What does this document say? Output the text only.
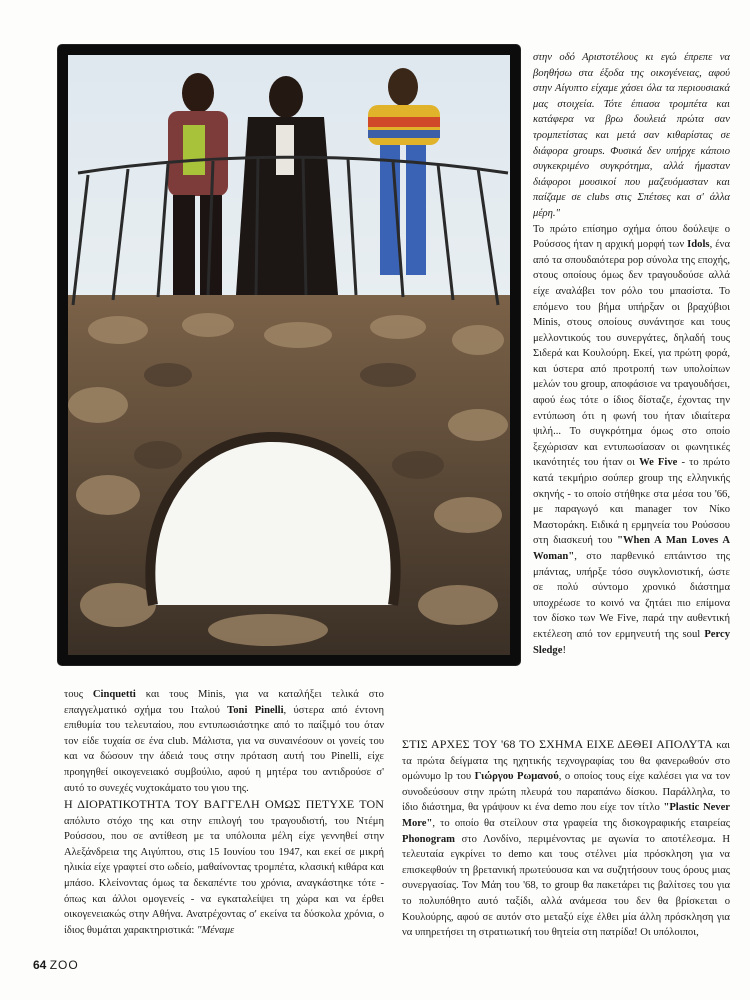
στην οδό Αριστοτέλους κι εγώ έπρεπε να βοηθήσω στα έξοδα της οικογένειας, αφού στην Αίγυπτο είχαμε χάσει όλα τα περιουσιακά μας στοιχεία. Τότε έπιασα τρομπέτα και κατάφερα να βρω δουλειά πρώτα σαν τρομπετίστας και μετά σαν κιθαρίστας σε διάφορα groups. Φυσικά δεν υπήρχε κάποιο συγκεκριμένο συγκρότημα, αλλά ήμασταν διάφοροι μουσικοί που μαζευόμασταν και παίζαμε σε clubs στις Σπέτσες και σ' άλλα μέρη."

Το πρώτο επίσημο σχήμα όπου δούλεψε ο Ρούσσος ήταν η αρχική μορφή των Idols, ένα από τα σπουδαιότερα pop σύνολα της εποχής, στους οποίους όμως δεν τραγουδούσε αλλά είχε αναλάβει τον ρόλο του μπασίστα. Το επόμενο του βήμα υπήρξαν οι βραχύβιοι Minis, στους οποίους συνάντησε και τους μελλοντικούς του συνεργάτες, δηλαδή τους Σιδερά και Κουλούρη. Εκεί, για πρώτη φορά, και ύστερα από προτροπή των υπολοίπων μελών του group, αποφάσισε να τραγουδήσει, αφού έως τότε ο ίδιος δίσταζε, έχοντας την εντύπωση ότι η φωνή του ήταν ιδιαίτερα ψιλή... Το συγκρότημα όμως στο οποίο ξεχώρισαν και εντυπωσίασαν οι φωνητικές ικανότητές του ήταν οι We Five - το πρώτο κατά τεκμήριο σούπερ group της ελληνικής σκηνής - το οποίο στήθηκε στα μέσα του '66, με παραγωγό και manager τον Νίκο Μαστοράκη. Ειδικά η ερμηνεία του Ρούσσου στη διασκευή του "When A Man Loves A Woman", στο παρθενικό επτάιντσο της μπάντας, υπήρξε τόσο συγκλονιστική, ώστε σε πολύ σύντομο χρονικό διάστημα υποχρέωσε το κοινό να ζητάει πιο επίμονα τον δίσκο των We Five, παρά την αυθεντική εκτέλεση από τον ερμηνευτή της soul Percy Sledge!

τους Cinquetti και τους Minis, για να καταλήξει τελικά στο επαγγελματικό σχήμα του Ιταλού Toni Pinelli, ύστερα από έντονη επιθυμία του τελευταίου, που εντυπωσιάστηκε από το παίξιμό του όταν τον είδε τυχαία σε ένα club. Μάλιστα, για να συναινέσουν οι γονείς του και να δώσουν την άδειά τους στην πρόταση αυτή του Pinelli, είχε προηγηθεί οικογενειακό συμβούλιο, αφού η μητέρα του αντιδρούσε σ' αυτό το συνεχές νυχτοκάματο του γιου της.

Η ΔΙΟΡΑΤΙΚΟΤΗΤΑ ΤΟΥ ΒΑΓΓΕΛΗ ΟΜΩΣ ΠΕΤΥΧΕ ΤΟΝ απόλυτο στόχο της και στην επιλογή του τραγουδιστή, του Ντέμη Ρούσσου, που σε αντίθεση με τα υπόλοιπα μέλη είχε γεννηθεί στην Αλεξάνδρεια της Αιγύπτου, στις 15 Ιουνίου του 1947, και εκεί σε μικρή ηλικία είχε γραφτεί στο ωδείο, μαθαίνοντας τρομπέτα, κλασική κιθάρα και μπάσο. Κλείνοντας όμως τα δεκαπέντε του χρόνια, αναγκάστηκε τότε - όπως και άλλοι ομογενείς - να εγκαταλείψει τη χώρα και να έρθει οικογενειακώς στην Αθήνα. Ανατρέχοντας σ' εκείνα τα δύσκολα χρόνια, ο ίδιος θυμάται χαρακτηριστικά: "Μέναμε

ΣΤΙΣ ΑΡΧΕΣ ΤΟΥ '68 ΤΟ ΣΧΗΜΑ ΕΙΧΕ ΔΕΘΕΙ ΑΠΟΛΥΤΑ και τα πρώτα δείγματα της ηχητικής τεχνογραφίας του θα φανερωθούν στο ομώνυμο lp του Γιώργου Ρωμανού, ο οποίος τους είχε καλέσει για να τον συνοδεύσουν στην πρώτη πλευρά του παραπάνω δίσκου. Παράλληλα, το ίδιο διάστημα, θα γράψουν κι ένα demo που είχε τον τίτλο "Plastic Never More", το οποίο θα στείλουν στα γραφεία της δισκογραφικής εταιρείας Phonogram στο Λονδίνο, περιμένοντας με αγωνία το αποτέλεσμα. Η τελευταία εγκρίνει το demo και τους στέλνει μία πρόσκληση για να επισκεφθούν τη βρετανική πρωτεύουσα και να συζητήσουν τους όρους μιας συνεργασίας. Τον Μάη του '68, το group θα πακετάρει τις βαλίτσες του για το πολυπόθητο αυτό ταξίδι, αλλά ανάμεσα του δεν θα βρίσκεται ο Κουλούρης, αφού σε αυτόν στο μεταξύ είχε έλθει μία άλλη πρόσκληση για να υπηρετήσει τη στρατιωτική του θητεία στη πατρίδα! Οι υπόλοιποι,

64 ZOO
